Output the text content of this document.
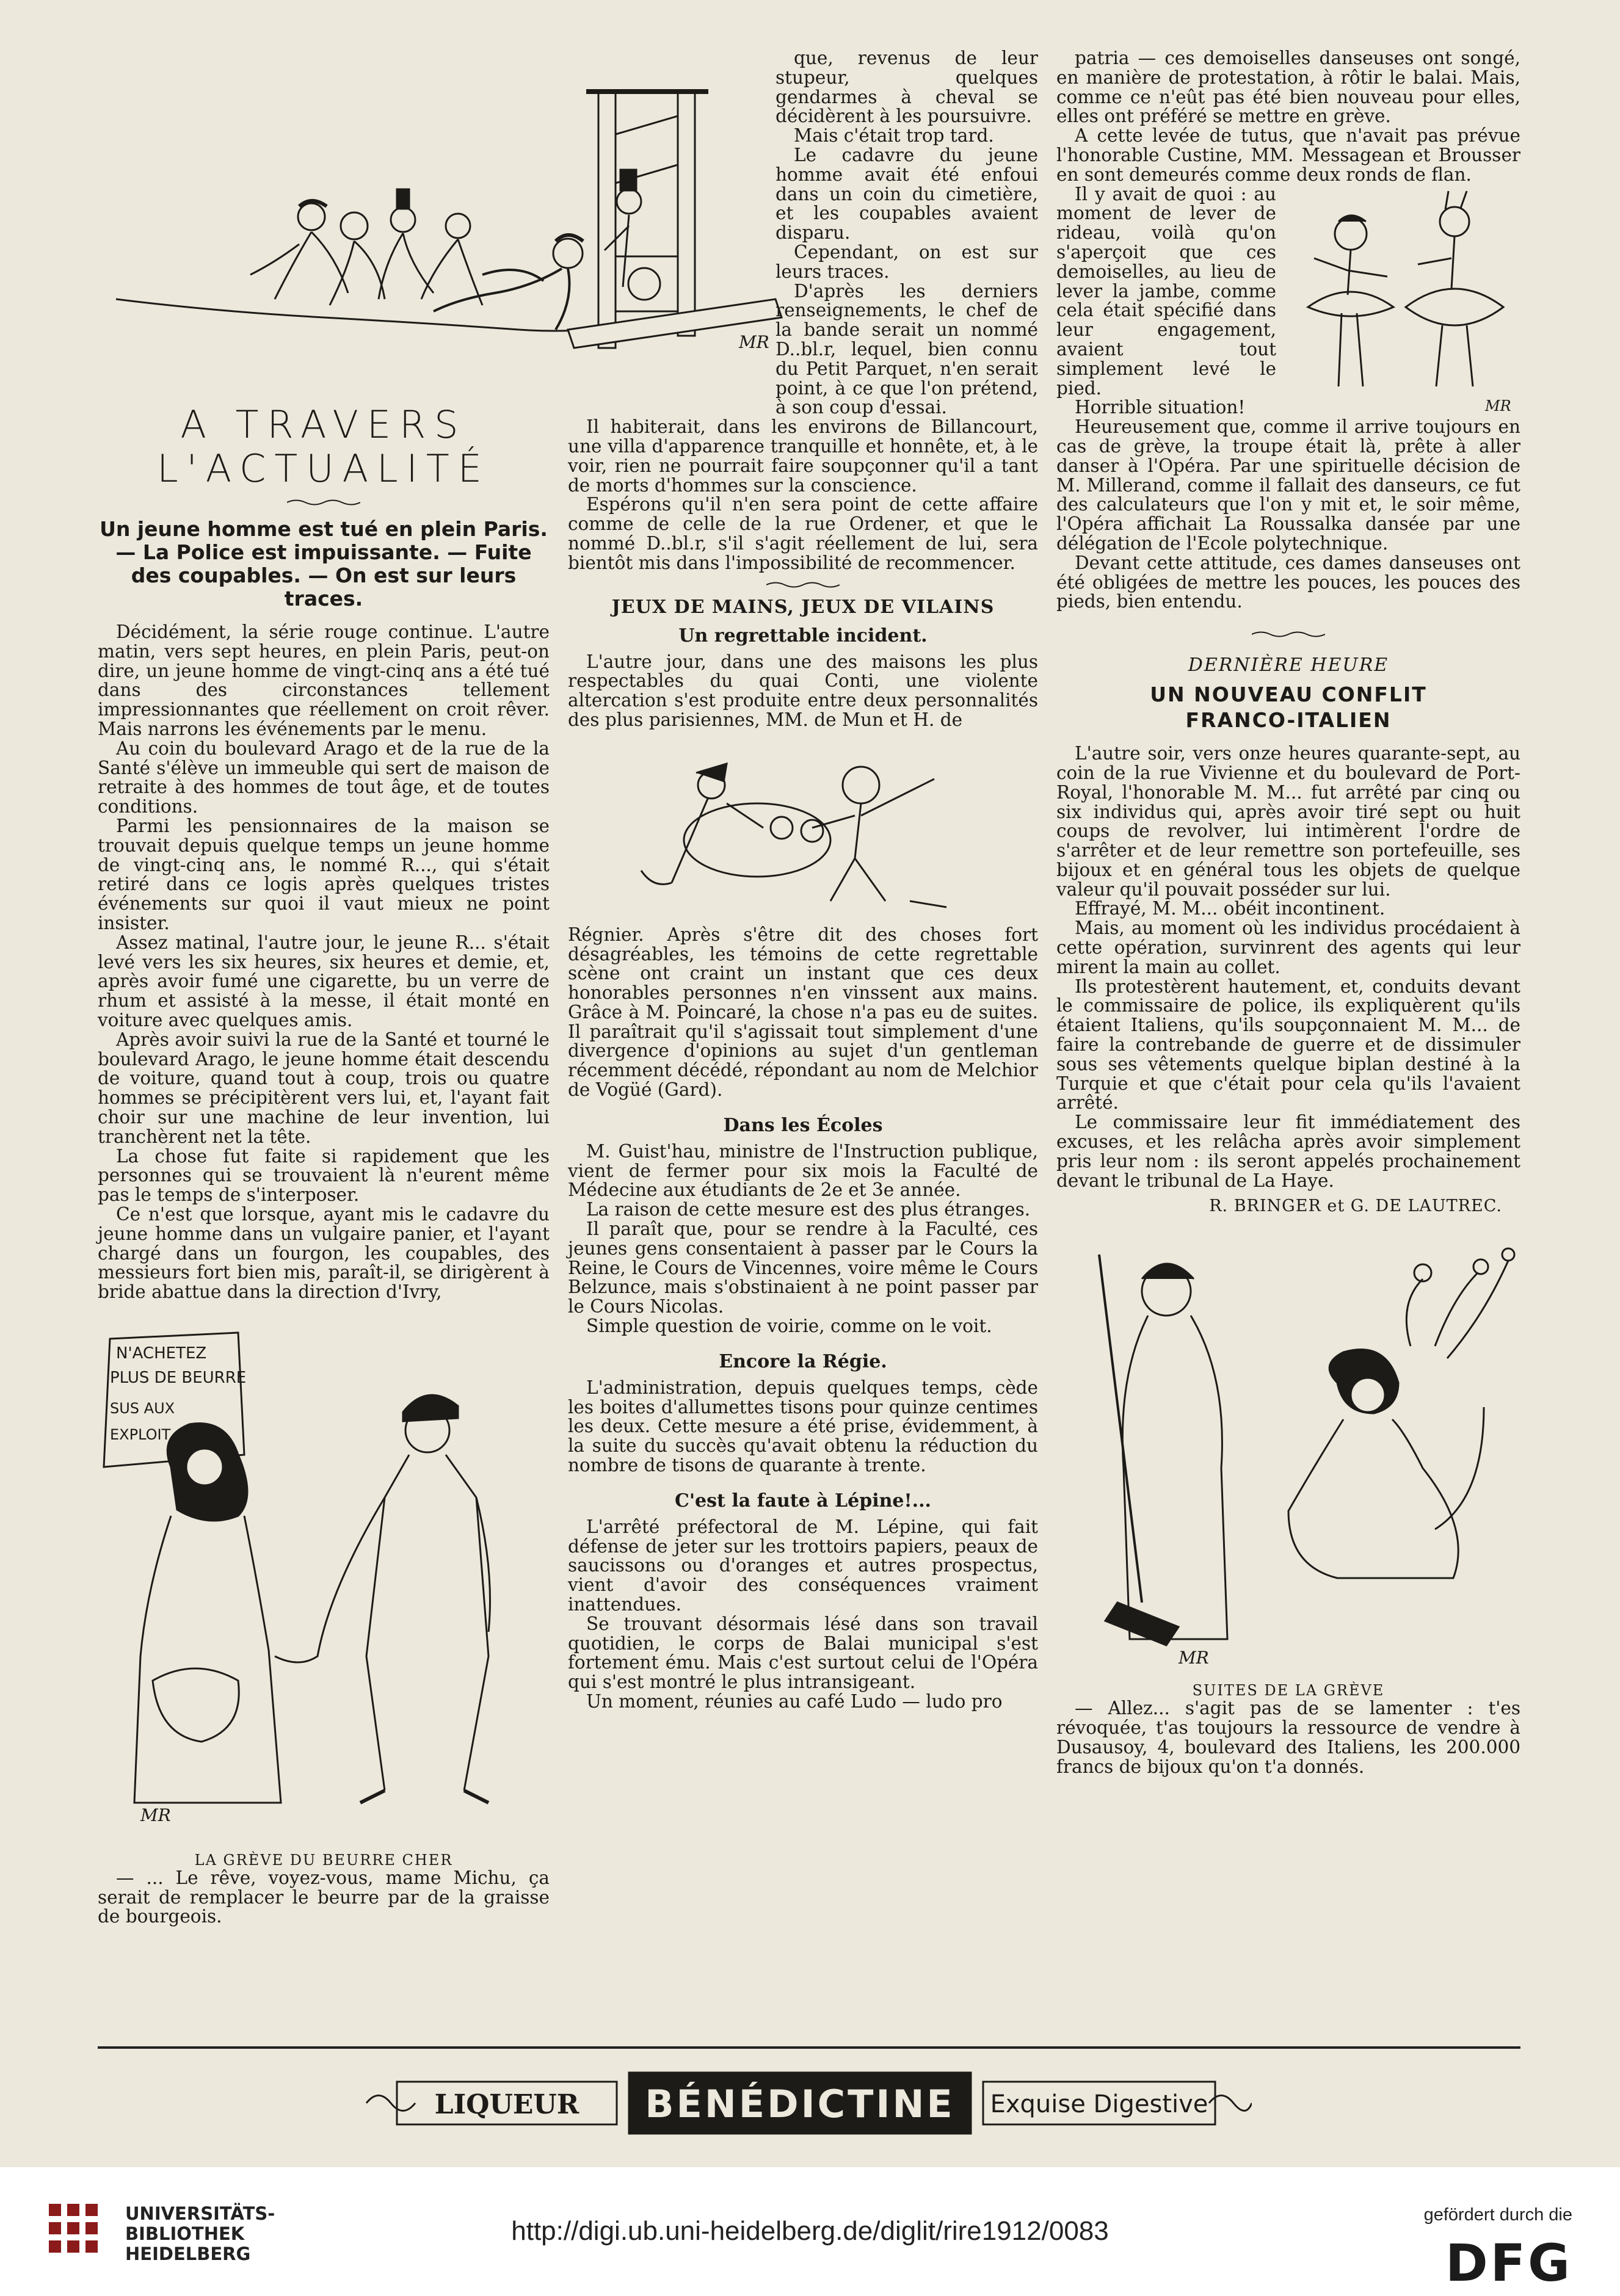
MR
A TRAVERS
L'ACTUALITÉ
Un jeune homme est tué en plein Paris. — La Police est impuissante. — Fuite des coupables. — On est sur leurs traces.

Décidément, la série rouge continue. L'autre matin, vers sept heures, en plein Paris, peut-on dire, un jeune homme de vingt-cinq ans a été tué dans des circonstances tellement impressionnantes que réellement on croit rêver. Mais narrons les événements par le menu.

Au coin du boulevard Arago et de la rue de la Santé s'élève un immeuble qui sert de maison de retraite à des hommes de tout âge, et de toutes conditions.

Parmi les pensionnaires de la maison se trouvait depuis quelque temps un jeune homme de vingt-cinq ans, le nommé R..., qui s'était retiré dans ce logis après quelques tristes événements sur quoi il vaut mieux ne point insister.

Assez matinal, l'autre jour, le jeune R... s'était levé vers les six heures, six heures et demie, et, après avoir fumé une cigarette, bu un verre de rhum et assisté à la messe, il était monté en voiture avec quelques amis.

Après avoir suivi la rue de la Santé et tourné le boulevard Arago, le jeune homme était descendu de voiture, quand tout à coup, trois ou quatre hommes se précipitèrent vers lui, et, l'ayant fait choir sur une machine de leur invention, lui tranchèrent net la tête.

La chose fut faite si rapidement que les personnes qui se trouvaient là n'eurent même pas le temps de s'interposer.

Ce n'est que lorsque, ayant mis le cadavre du jeune homme dans un vulgaire panier, et l'ayant chargé dans un fourgon, les coupables, des messieurs fort bien mis, paraît-il, se dirigèrent à bride abattue dans la direction d'Ivry,

N'ACHETEZ
PLUS DE BEURRE
SUS AUX
EXPLOIT
MR
LA GRÈVE DU BEURRE CHER

— ... Le rêve, voyez-vous, mame Michu, ça serait de remplacer le beurre par de la graisse de bourgeois.

que, revenus de leur stupeur, quelques gendarmes à cheval se décidèrent à les poursuivre.

Mais c'était trop tard.

Le cadavre du jeune homme avait été enfoui dans un coin du cimetière, et les coupables avaient disparu.

Cependant, on est sur leurs traces.

D'après les derniers renseignements, le chef de la bande serait un nommé D..bl.r, lequel, bien connu du Petit Parquet, n'en serait point, à ce que l'on prétend, à son coup d'essai.

Il habiterait, dans les environs de Billancourt, une villa d'apparence tranquille et honnête, et, à le voir, rien ne pourrait faire soupçonner qu'il a tant de morts d'hommes sur la conscience.

Espérons qu'il n'en sera point de cette affaire comme de celle de la rue Ordener, et que le nommé D..bl.r, s'il s'agit réellement de lui, sera bientôt mis dans l'impossibilité de recommencer.

JEUX DE MAINS, JEUX DE VILAINS
Un regrettable incident.

L'autre jour, dans une des maisons les plus respectables du quai Conti, une violente altercation s'est produite entre deux personnalités des plus parisiennes, MM. de Mun et H. de

Régnier. Après s'être dit des choses fort désagréables, les témoins de cette regrettable scène ont craint un instant que ces deux honorables personnes n'en vinssent aux mains. Grâce à M. Poincaré, la chose n'a pas eu de suites. Il paraîtrait qu'il s'agissait tout simplement d'une divergence d'opinions au sujet d'un gentleman récemment décédé, répondant au nom de Melchior de Vogüé (Gard).

Dans les Écoles

M. Guist'hau, ministre de l'Instruction publique, vient de fermer pour six mois la Faculté de Médecine aux étudiants de 2e et 3e année.

La raison de cette mesure est des plus étranges.

Il paraît que, pour se rendre à la Faculté, ces jeunes gens consentaient à passer par le Cours la Reine, le Cours de Vincennes, voire même le Cours Belzunce, mais s'obstinaient à ne point passer par le Cours Nicolas.

Simple question de voirie, comme on le voit.

Encore la Régie.

L'administration, depuis quelques temps, cède les boites d'allumettes tisons pour quinze centimes les deux. Cette mesure a été prise, évidemment, à la suite du succès qu'avait obtenu la réduction du nombre de tisons de quarante à trente.

C'est la faute à Lépine!...

L'arrêté préfectoral de M. Lépine, qui fait défense de jeter sur les trottoirs papiers, peaux de saucissons ou d'oranges et autres prospectus, vient d'avoir des conséquences vraiment inattendues.

Se trouvant désormais lésé dans son travail quotidien, le corps de Balai municipal s'est fortement ému. Mais c'est surtout celui de l'Opéra qui s'est montré le plus intransigeant.

Un moment, réunies au café Ludo — ludo pro

patria — ces demoiselles danseuses ont songé, en manière de protestation, à rôtir le balai. Mais, comme ce n'eût pas été bien nouveau pour elles, elles ont préféré se mettre en grève.

A cette levée de tutus, que n'avait pas prévue l'honorable Custine, MM. Messagean et Brousser en sont demeurés comme deux ronds de flan.

Il y avait de quoi : au moment de lever de rideau, voilà qu'on s'aperçoit que ces demoiselles, au lieu de lever la jambe, comme cela était spécifié dans leur engagement, avaient tout simplement levé le pied.

Horrible situation!	MR

Heureusement que, comme il arrive toujours en cas de grève, la troupe était là, prête à aller danser à l'Opéra. Par une spirituelle décision de M. Millerand, comme il fallait des danseurs, ce fut des calculateurs que l'on y mit et, le soir même, l'Opéra affichait La Roussalka dansée par une délégation de l'Ecole polytechnique.

Devant cette attitude, ces dames danseuses ont été obligées de mettre les pouces, les pouces des pieds, bien entendu.

DERNIÈRE HEURE
UN NOUVEAU CONFLIT
FRANCO-ITALIEN

L'autre soir, vers onze heures quarante-sept, au coin de la rue Vivienne et du boulevard de Port-Royal, l'honorable M. M... fut arrêté par cinq ou six individus qui, après avoir tiré sept ou huit coups de revolver, lui intimèrent l'ordre de s'arrêter et de leur remettre son portefeuille, ses bijoux et en général tous les objets de quelque valeur qu'il pouvait posséder sur lui.

Effrayé, M. M... obéit incontinent.

Mais, au moment où les individus procédaient à cette opération, survinrent des agents qui leur mirent la main au collet.

Ils protestèrent hautement, et, conduits devant le commissaire de police, ils expliquèrent qu'ils étaient Italiens, qu'ils soupçonnaient M. M... de faire la contrebande de guerre et de dissimuler sous ses vêtements quelque biplan destiné à la Turquie et que c'était pour cela qu'ils l'avaient arrêté.

Le commissaire leur fit immédiatement des excuses, et les relâcha après avoir simplement pris leur nom : ils seront appelés prochainement devant le tribunal de La Haye.

R. BRINGER et G. DE LAUTREC.
MR
SUITES DE LA GRÈVE

— Allez... s'agit pas de se lamenter : t'es révoquée, t'as toujours la ressource de vendre à Dusausoy, 4, boulevard des Italiens, les 200.000 francs de bijoux qu'on t'a donnés.

LIQUEUR BÉNÉDICTINE Exquise Digestive
UNIVERSITÄTS-
BIBLIOTHEK
HEIDELBERG
http://digi.ub.uni-heidelberg.de/diglit/rire1912/0083
gefördert durch die
DFG
